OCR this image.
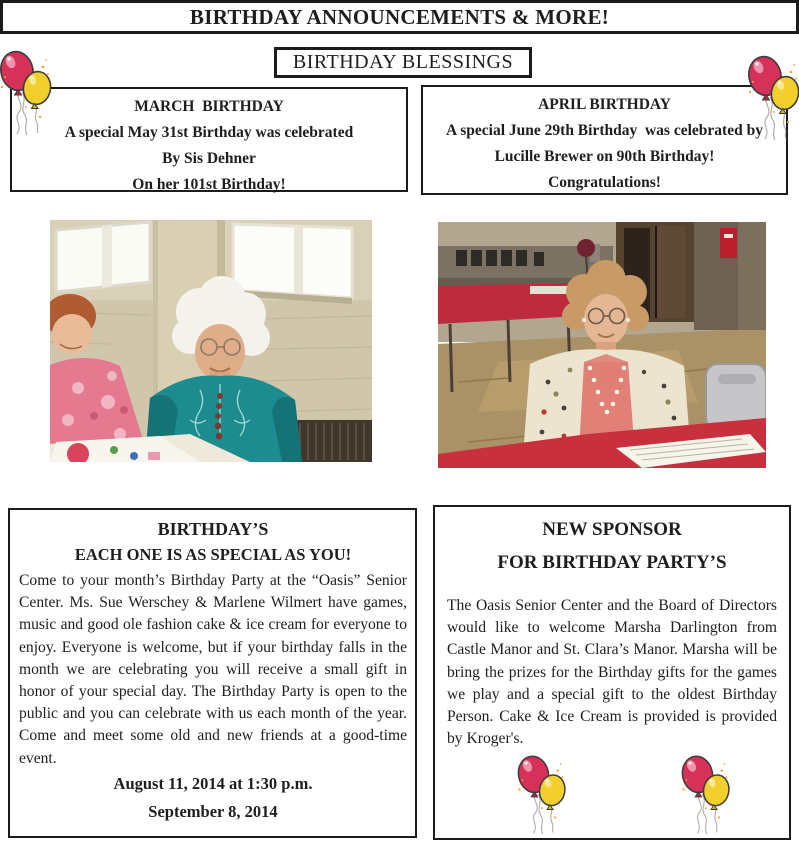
BIRTHDAY ANNOUNCEMENTS & MORE!
BIRTHDAY BLESSINGS
MARCH  BIRTHDAY
A special May 31st Birthday was celebrated
By Sis Dehner
On her 101st Birthday!
APRIL BIRTHDAY
A special June 29th Birthday  was celebrated by
Lucille Brewer on 90th Birthday!
Congratulations!
BIRTHDAY’S
EACH ONE IS AS SPECIAL AS YOU!
Come to your month’s Birthday Party at the “Oasis” Senior Center. Ms. Sue Werschey & Marlene Wilmert have games, music and good ole fashion cake & ice cream for everyone to enjoy. Everyone is welcome, but if your birthday falls in the month we are celebrating you will receive a small gift in honor of your special day. The Birthday Party is open to the public and you can celebrate with us each month of the year. Come and meet some old and new friends at a good-time event.
August 11, 2014 at 1:30 p.m.
September 8, 2014
NEW SPONSOR
FOR BIRTHDAY PARTY’S
The Oasis Senior Center and the Board of Directors would like to welcome Marsha Darlington from Castle Manor and St. Clara’s Manor. Marsha will be bring the prizes for the Birthday gifts for the games we play and a special gift to the oldest Birthday Person. Cake & Ice Cream is provided is provided by Kroger's.
